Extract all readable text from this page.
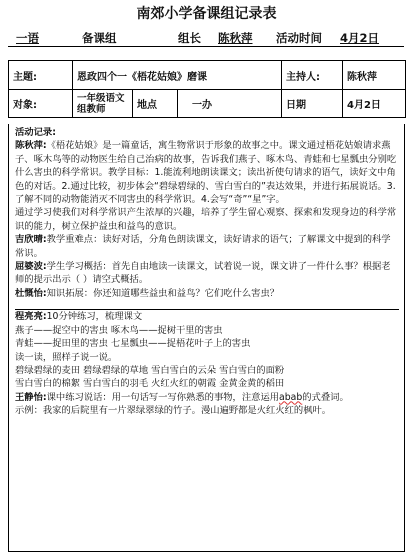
南郊小学备课组记录表
一语	备课组	组长 陈秋萍 活动时间 4月2日
主题:	恩政四个一《梧花姑娘》磨课			主持人:	陈秋萍
对象:	一年级语文组教师	地点	一办	日期	4月2日

活动记录:

陈秋萍:《梧花姑娘》是一篇童话，寓生物常识于形象的故事之中。课文通过梧花姑娘请求燕子、啄木鸟等的动物医生给自己治病的故事，告诉我们燕子、啄木鸟、青蛙和七星瓢虫分别吃什么害虫的科学常识。教学目标：1.能流利地朗读课文；读出祈使句请求的语气，读好文中角色的对话。2.通过比较，初步体会“碧绿碧绿的、雪白雪白的”表达效果，并进行拓展说话。3.了解不同的动物能消灭不同害虫的科学常识。4.会写“奇”“星”字。

通过学习使我们对科学常识产生浓厚的兴趣，培养了学生留心观察、探索和发现身边的科学常识的能力，树立保护益虫和益鸟的意识。

吉欣晴:教学重难点：读好对话，分角色朗读课文，读好请求的语气；了解课文中提到的科学常识。

屈婆波:学生学习概括：首先自由地读一读课文，试着说一说，课文讲了一件什么事？根据老师的提示出示（ ）请空式概括。

杜慨怡:知识拓展：你还知道哪些益虫和益鸟？它们吃什么害虫？

程亮亮:10分钟练习，梳理课文

燕子——捉空中的害虫 啄木鸟——捉树干里的害虫

青蛙——捉田里的害虫 七星瓢虫——捉梧花叶子上的害虫

读一读，照样子说一说。

碧绿碧绿的麦田 碧绿碧绿的草地 雪白雪白的云朵 雪白雪白的面粉

雪白雪白的棉絮 雪白雪白的羽毛 火红火红的朝霞 金黄金黄的稻田

王静怡:课中练习说话：用一句话写一写你熟悉的事物，注意运用abab的式叠词。

示例：我家的后院里有一片翠绿翠绿的竹子。漫山遍野都是火红火红的枫叶。
